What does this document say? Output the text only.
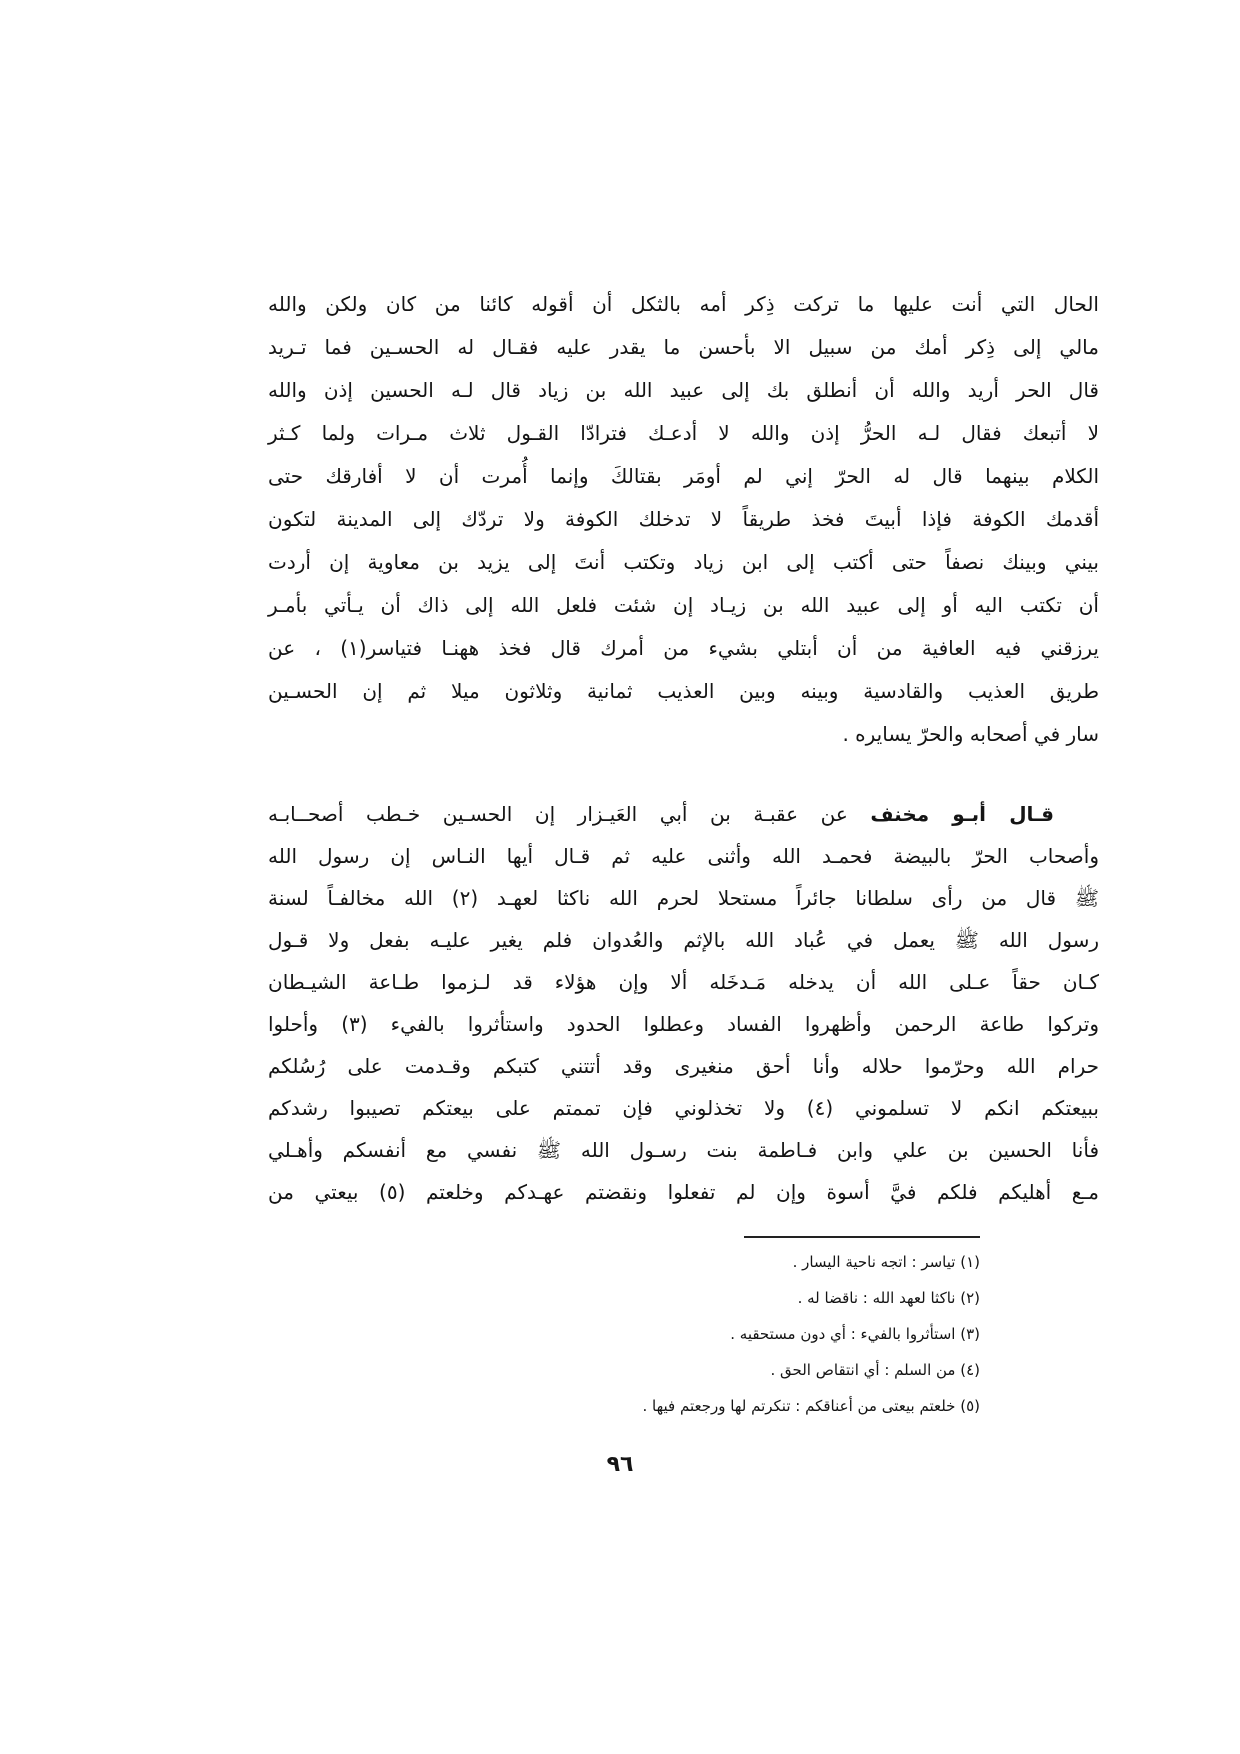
الحال التي أنت عليها ما تركت ذِكر أمه بالثكل أن أقوله كائنا من كان ولكن والله
مالي إلى ذِكر أمك من سبيل الا بأحسن ما يقدر عليه فقـال له الحسـين فما تـريد
قال الحر أريد والله أن أنطلق بك إلى عبيد الله بن زياد قال لـه الحسين إذن والله
لا أتبعك فقال لـه الحرُّ إذن والله لا أدعـك فترادّا القـول ثلاث مـرات ولما كـثر
الكلام بينهما قال له الحرّ إني لم أومَر بقتالكَ وإنما أُمرت أن لا أفارقك حتى
أقدمك الكوفة فإذا أبيتَ فخذ طريقاً لا تدخلك الكوفة ولا تردّك إلى المدينة لتكون
بيني وبينك نصفاً حتى أكتب إلى ابن زياد وتكتب أنتَ إلى يزيد بن معاوية إن أردت
أن تكتب اليه أو إلى عبيد الله بن زيـاد إن شئت فلعل الله إلى ذاك أن يـأتي بأمـر
يرزقني فيه العافية من أن أبتلي بشيء من أمرك قال فخذ ههنـا فتياسر(١) ، عن
طريق العذيب والقادسية وبينه وبين العذيب ثمانية وثلاثون ميلا ثم إن الحسـين
سار في أصحابه والحرّ يسايره .
قـال أبـو مخنف عن عقبـة بن أبي العَيـزار إن الحسـين خـطب أصحــابـه
وأصحاب الحرّ بالبيضة فحمـد الله وأثنى عليه ثم قـال أيها النـاس إن رسول الله
ﷺ قال من رأى سلطانا جائراً مستحلا لحرم الله ناكثا لعهـد (٢) الله مخالفـاً لسنة
رسول الله ﷺ يعمل في عُباد الله بالإثم والعُدوان فلم يغير عليـه بفعل ولا قـول
كـان حقاً عـلى الله أن يدخله مَـدخَله ألا وإن هؤلاء قد لـزموا طـاعة الشيـطان
وتركوا طاعة الرحمن وأظهروا الفساد وعطلوا الحدود واستأثروا بالفيء (٣) وأحلوا
حرام الله وحرّموا حلاله وأنا أحق منغيرى وقد أتتني كتبكم وقـدمت على رُسُلكم
ببيعتكم انكم لا تسلموني (٤) ولا تخذلوني فإن تممتم على بيعتكم تصيبوا رشدكم
فأنا الحسين بن علي وابن فـاطمة بنت رسـول الله ﷺ نفسي مع أنفسكم وأهـلي
مـع أهليكم فلكم فيَّ أسوة وإن لم تفعلوا ونقضتم عهـدكم وخلعتم (٥) بيعتي من
(١) تياسر : اتجه ناحية اليسار .
(٢) ناكثا لعهد الله : ناقضا له .
(٣) استأثروا بالفيء : أي دون مستحقيه .
(٤) من السلم : أي انتقاص الحق .
(٥) خلعتم بيعتى من أعناقكم : تنكرتم لها ورجعتم فيها .
٩٦
